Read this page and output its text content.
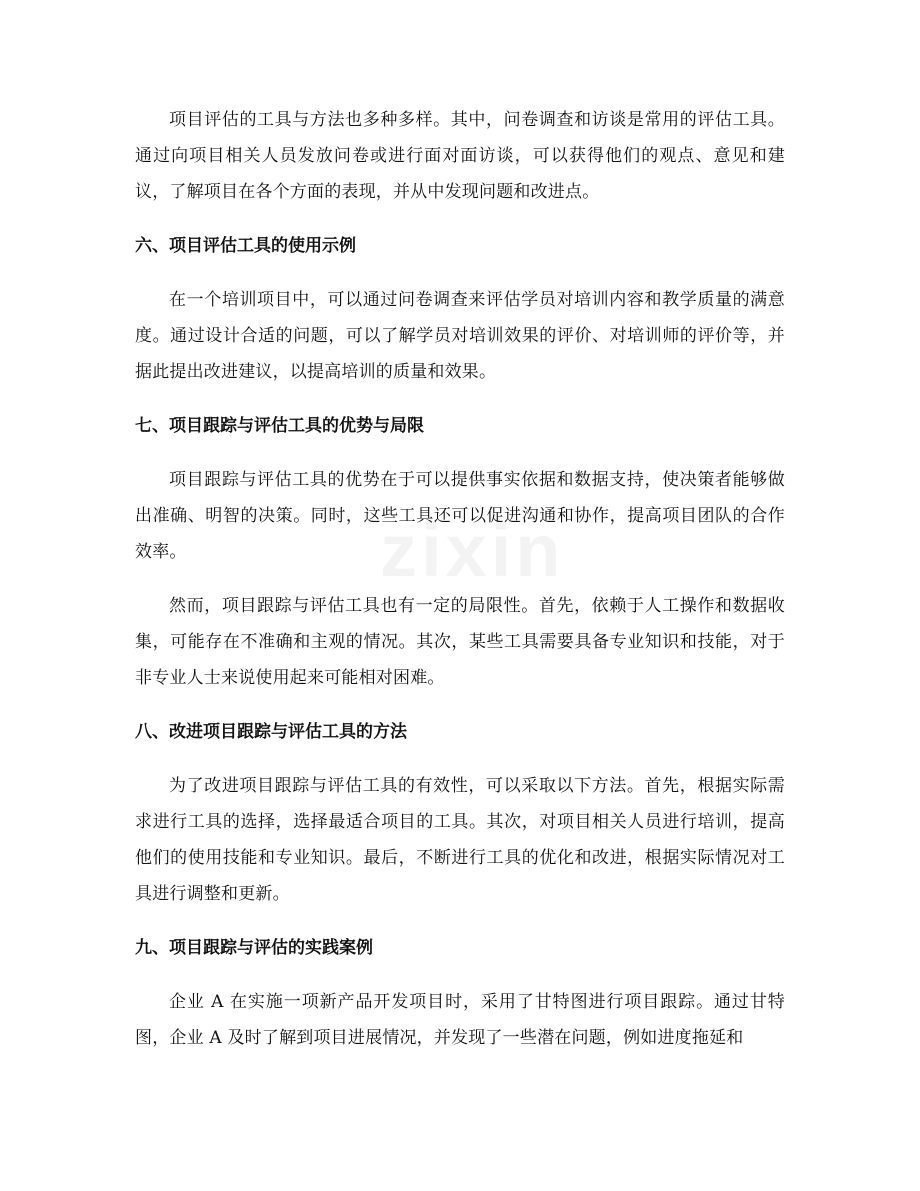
zixin

项目评估的工具与方法也多种多样。其中，问卷调查和访谈是常用的评估工具。通过向项目相关人员发放问卷或进行面对面访谈，可以获得他们的观点、意见和建议，了解项目在各个方面的表现，并从中发现问题和改进点。

六、项目评估工具的使用示例

在一个培训项目中，可以通过问卷调查来评估学员对培训内容和教学质量的满意度。通过设计合适的问题，可以了解学员对培训效果的评价、对培训师的评价等，并据此提出改进建议，以提高培训的质量和效果。

七、项目跟踪与评估工具的优势与局限

项目跟踪与评估工具的优势在于可以提供事实依据和数据支持，使决策者能够做出准确、明智的决策。同时，这些工具还可以促进沟通和协作，提高项目团队的合作效率。

然而，项目跟踪与评估工具也有一定的局限性。首先，依赖于人工操作和数据收集，可能存在不准确和主观的情况。其次，某些工具需要具备专业知识和技能，对于非专业人士来说使用起来可能相对困难。

八、改进项目跟踪与评估工具的方法

为了改进项目跟踪与评估工具的有效性，可以采取以下方法。首先，根据实际需求进行工具的选择，选择最适合项目的工具。其次，对项目相关人员进行培训，提高他们的使用技能和专业知识。最后，不断进行工具的优化和改进，根据实际情况对工具进行调整和更新。

九、项目跟踪与评估的实践案例

企业 A 在实施一项新产品开发项目时，采用了甘特图进行项目跟踪。通过甘特图，企业 A 及时了解到项目进展情况，并发现了一些潜在问题，例如进度拖延和
